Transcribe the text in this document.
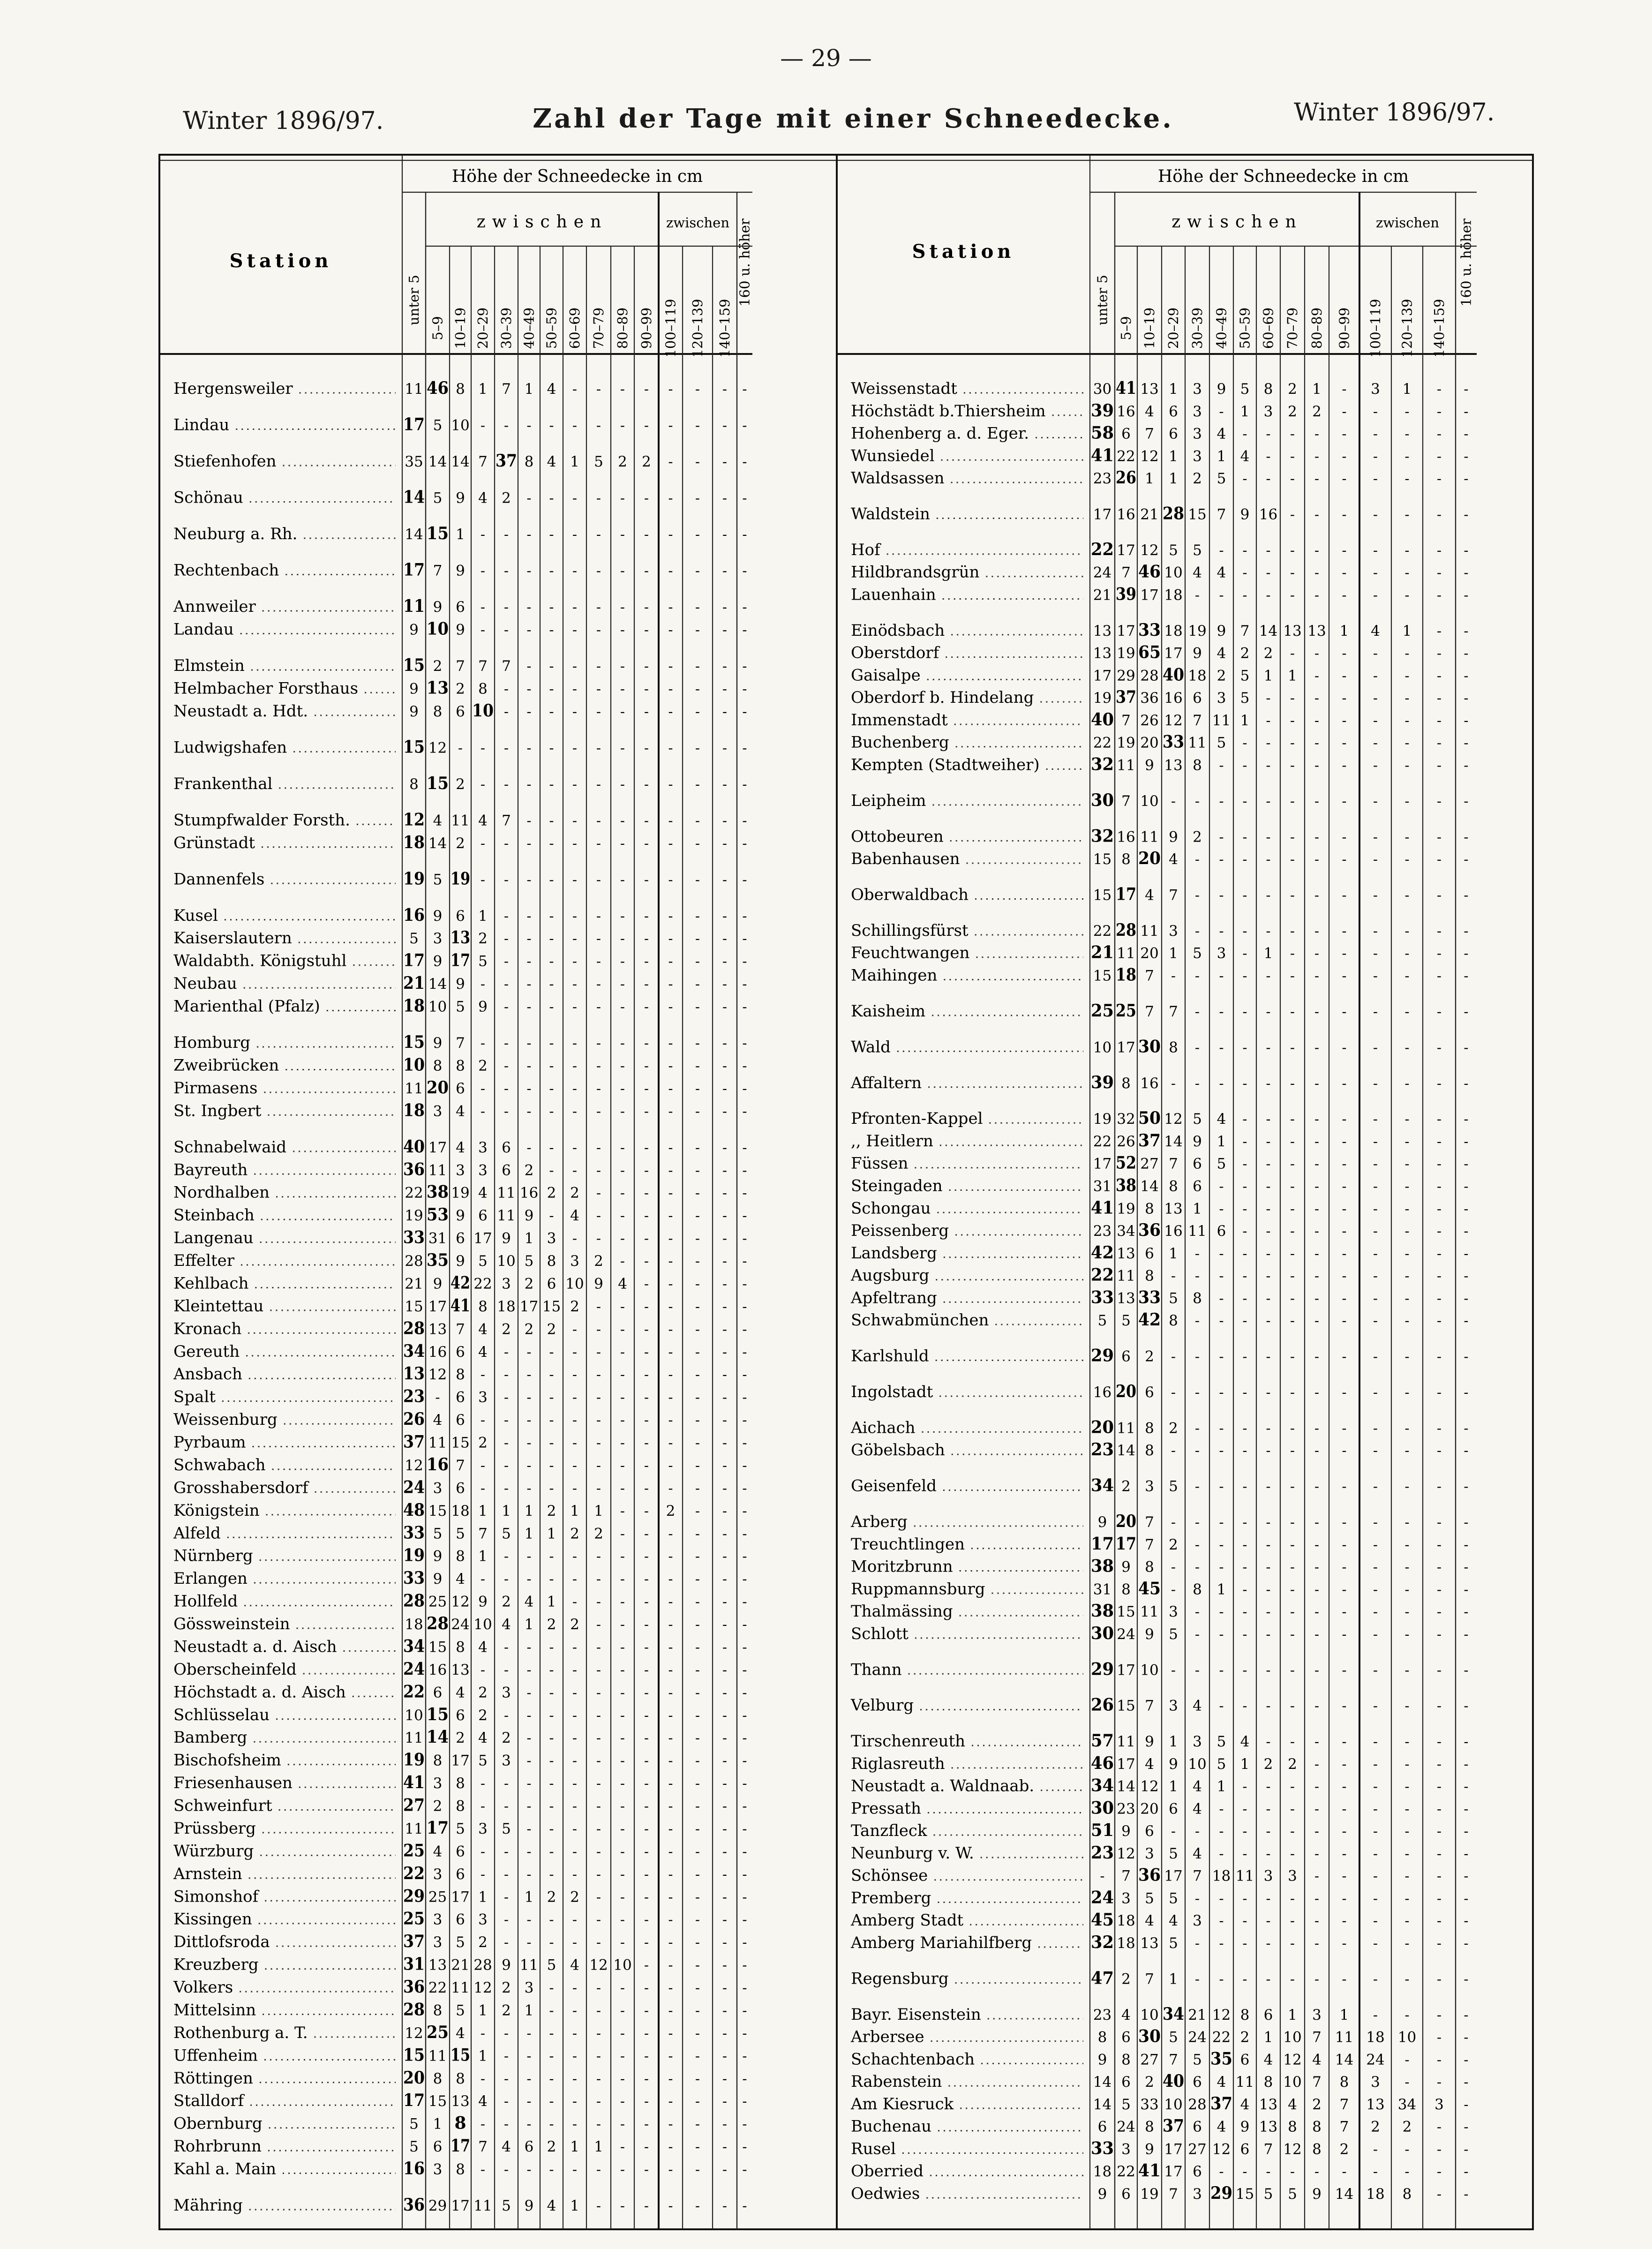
— 29 —
Winter 1896/97.	Zahl der Tage mit einer Schneedecke.	Winter 1896/97.
Höhe der Schneedecke in cm
zwischen	zwischen
Station
unter 5
5–9 10–19 20–29 30–39 40–49 50–59 60–69 70–79 80–89 90–99 100–119 120–139 140–159
160 u. höher
Hergensweiler	11 46 8 1 7 1 4 - - - - - - - -
Lindau	17 5 10 - - - - - - - - - - - -
Stiefenhofen	35 14 14 7 37 8 4 1 5 2 2 - - - -
Schönau	14 5 9 4 2 - - - - - - - - - -
Neuburg a. Rh.	14 15 1 - - - - - - - - - - - -
Rechtenbach	17 7 9 - - - - - - - - - - - -
Annweiler	11 9 6 - - - - - - - - - - - -
Landau	9 10 9 - - - - - - - - - - - -
Elmstein	15 2 7 7 7 - - - - - - - - - -
Helmbacher Forsthaus	9 13 2 8 - - - - - - - - - - -
Neustadt a. Hdt.	9 8 6 10 - - - - - - - - - - -
Ludwigshafen	15 12 - - - - - - - - - - - - -
Frankenthal	8 15 2 - - - - - - - - - - - -
Stumpfwalder Forsth.	12 4 11 4 7 - - - - - - - - - -
Grünstadt	18 14 2 - - - - - - - - - - - -
Dannenfels	19 5 19 - - - - - - - - - - - -
Kusel	16 9 6 1 - - - - - - - - - - -
Kaiserslautern	5 3 13 2 - - - - - - - - - - -
Waldabth. Königstuhl	17 9 17 5 - - - - - - - - - - -
Neubau	21 14 9 - - - - - - - - - - - -
Marienthal (Pfalz)	18 10 5 9 - - - - - - - - - - -
Homburg	15 9 7 - - - - - - - - - - - -
Zweibrücken	10 8 8 2 - - - - - - - - - - -
Pirmasens	11 20 6 - - - - - - - - - - - -
St. Ingbert	18 3 4 - - - - - - - - - - - -
Schnabelwaid	40 17 4 3 6 - - - - - - - - - -
Bayreuth	36 11 3 3 6 2 - - - - - - - - -
Nordhalben	22 38 19 4 11 16 2 2 - - - - - - -
Steinbach	19 53 9 6 11 9 - 4 - - - - - - -
Langenau	33 31 6 17 9 1 3 - - - - - - - -
Effelter	28 35 9 5 10 5 8 3 2 - - - - - -
Kehlbach	21 9 42 22 3 2 6 10 9 4 - - - - -
Kleintettau	15 17 41 8 18 17 15 2 - - - - - - -
Kronach	28 13 7 4 2 2 2 - - - - - - - -
Gereuth	34 16 6 4 - - - - - - - - - - -
Ansbach	13 12 8 - - - - - - - - - - - -
Spalt	23 - 6 3 - - - - - - - - - - -
Weissenburg	26 4 6 - - - - - - - - - - - -
Pyrbaum	37 11 15 2 - - - - - - - - - - -
Schwabach	12 16 7 - - - - - - - - - - - -
Grosshabersdorf	24 3 6 - - - - - - - - - - - -
Königstein	48 15 18 1 1 1 2 1 1 - - 2 - - -
Alfeld	33 5 5 7 5 1 1 2 2 - - - - - -
Nürnberg	19 9 8 1 - - - - - - - - - - -
Erlangen	33 9 4 - - - - - - - - - - - -
Hollfeld	28 25 12 9 2 4 1 - - - - - - - -
Gössweinstein	18 28 24 10 4 1 2 2 - - - - - - -
Neustadt a. d. Aisch	34 15 8 4 - - - - - - - - - - -
Oberscheinfeld	24 16 13 - - - - - - - - - - - -
Höchstadt a. d. Aisch	22 6 4 2 3 - - - - - - - - - -
Schlüsselau	10 15 6 2 - - - - - - - - - - -
Bamberg	11 14 2 4 2 - - - - - - - - - -
Bischofsheim	19 8 17 5 3 - - - - - - - - - -
Friesenhausen	41 3 8 - - - - - - - - - - - -
Schweinfurt	27 2 8 - - - - - - - - - - - -
Prüssberg	11 17 5 3 5 - - - - - - - - - -
Würzburg	25 4 6 - - - - - - - - - - - -
Arnstein	22 3 6 - - - - - - - - - - - -
Simonshof	29 25 17 1 - 1 2 2 - - - - - - -
Kissingen	25 3 6 3 - - - - - - - - - - -
Dittlofsroda	37 3 5 2 - - - - - - - - - - -
Kreuzberg	31 13 21 28 9 11 5 4 12 10 - - - - -
Volkers	36 22 11 12 2 3 - - - - - - - - -
Mittelsinn	28 8 5 1 2 1 - - - - - - - - -
Rothenburg a. T.	12 25 4 - - - - - - - - - - - -
Uffenheim	15 11 15 1 - - - - - - - - - - -
Röttingen	20 8 8 - - - - - - - - - - - -
Stalldorf	17 15 13 4 - - - - - - - - - - -
Obernburg	5 1 8 - - - - - - - - - - - -
Rohrbrunn	5 6 17 7 4 6 2 1 1 - - - - - -
Kahl a. Main	16 3 8 - - - - - - - - - - - -
Mähring	36 29 17 11 5 9 4 1 - - - - - - -
Höhe der Schneedecke in cm
zwischen	zwischen
Station
unter 5
5–9 10–19 20–29 30–39 40–49 50–59 60–69 70–79 80–89 90–99 100–119 120–139 140–159
160 u. höher
Weissenstadt	30 41 13 1 3 9 5 8 2 1 - 3 1 - -
Höchstädt b.Thiersheim	39 16 4 6 3 - 1 3 2 2 - - - - -
Hohenberg a. d. Eger.	58 6 7 6 3 4 - - - - - - - - -
Wunsiedel	41 22 12 1 3 1 4 - - - - - - - -
Waldsassen	23 26 1 1 2 5 - - - - - - - - -
Waldstein	17 16 21 28 15 7 9 16 - - - - - - -
Hof	22 17 12 5 5 - - - - - - - - - -
Hildbrandsgrün	24 7 46 10 4 4 - - - - - - - - -
Lauenhain	21 39 17 18 - - - - - - - - - - -
Einödsbach	13 17 33 18 19 9 7 14 13 13 1 4 1 - -
Oberstdorf	13 19 65 17 9 4 2 2 - - - - - - -
Gaisalpe	17 29 28 40 18 2 5 1 1 - - - - - -
Oberdorf b. Hindelang	19 37 36 16 6 3 5 - - - - - - - -
Immenstadt	40 7 26 12 7 11 1 - - - - - - - -
Buchenberg	22 19 20 33 11 5 - - - - - - - - -
Kempten (Stadtweiher)	32 11 9 13 8 - - - - - - - - - -
Leipheim	30 7 10 - - - - - - - - - - - -
Ottobeuren	32 16 11 9 2 - - - - - - - - - -
Babenhausen	15 8 20 4 - - - - - - - - - - -
Oberwaldbach	15 17 4 7 - - - - - - - - - - -
Schillingsfürst	22 28 11 3 - - - - - - - - - - -
Feuchtwangen	21 11 20 1 5 3 - 1 - - - - - - -
Maihingen	15 18 7 - - - - - - - - - - - -
Kaisheim	25 25 7 7 - - - - - - - - - - -
Wald	10 17 30 8 - - - - - - - - - - -
Affaltern	39 8 16 - - - - - - - - - - - -
Pfronten-Kappel	19 32 50 12 5 4 - - - - - - - - -
,, Heitlern	22 26 37 14 9 1 - - - - - - - - -
Füssen	17 52 27 7 6 5 - - - - - - - - -
Steingaden	31 38 14 8 6 - - - - - - - - - -
Schongau	41 19 8 13 1 - - - - - - - - - -
Peissenberg	23 34 36 16 11 6 - - - - - - - - -
Landsberg	42 13 6 1 - - - - - - - - - - -
Augsburg	22 11 8 - - - - - - - - - - - -
Apfeltrang	33 13 33 5 8 - - - - - - - - - -
Schwabmünchen	5 5 42 8 - - - - - - - - - - -
Karlshuld	29 6 2 - - - - - - - - - - - -
Ingolstadt	16 20 6 - - - - - - - - - - - -
Aichach	20 11 8 2 - - - - - - - - - - -
Göbelsbach	23 14 8 - - - - - - - - - - - -
Geisenfeld	34 2 3 5 - - - - - - - - - - -
Arberg	9 20 7 - - - - - - - - - - - -
Treuchtlingen	17 17 7 2 - - - - - - - - - - -
Moritzbrunn	38 9 8 - - - - - - - - - - - -
Ruppmannsburg	31 8 45 - 8 1 - - - - - - - - -
Thalmässing	38 15 11 3 - - - - - - - - - - -
Schlott	30 24 9 5 - - - - - - - - - - -
Thann	29 17 10 - - - - - - - - - - - -
Velburg	26 15 7 3 4 - - - - - - - - - -
Tirschenreuth	57 11 9 1 3 5 4 - - - - - - - -
Riglasreuth	46 17 4 9 10 5 1 2 2 - - - - - -
Neustadt a. Waldnaab.	34 14 12 1 4 1 - - - - - - - - -
Pressath	30 23 20 6 4 - - - - - - - - - -
Tanzfleck	51 9 6 - - - - - - - - - - - -
Neunburg v. W.	23 12 3 5 4 - - - - - - - - - -
Schönsee	- 7 36 17 7 18 11 3 3 - - - - - -
Premberg	24 3 5 5 - - - - - - - - - - -
Amberg Stadt	45 18 4 4 3 - - - - - - - - - -
Amberg Mariahilfberg	32 18 13 5 - - - - - - - - - - -
Regensburg	47 2 7 1 - - - - - - - - - - -
Bayr. Eisenstein	23 4 10 34 21 12 8 6 1 3 1 - - - -
Arbersee	8 6 30 5 24 22 2 1 10 7 11 18 10 - -
Schachtenbach	9 8 27 7 5 35 6 4 12 4 14 24 - - -
Rabenstein	14 6 2 40 6 4 11 8 10 7 8 3 - - -
Am Kiesruck	14 5 33 10 28 37 4 13 4 2 7 13 34 3 -
Buchenau	6 24 8 37 6 4 9 13 8 8 7 2 2 - -
Rusel	33 3 9 17 27 12 6 7 12 8 2 - - - -
Oberried	18 22 41 17 6 - - - - - - - - - -
Oedwies	9 6 19 7 3 29 15 5 5 9 14 18 8 - -
